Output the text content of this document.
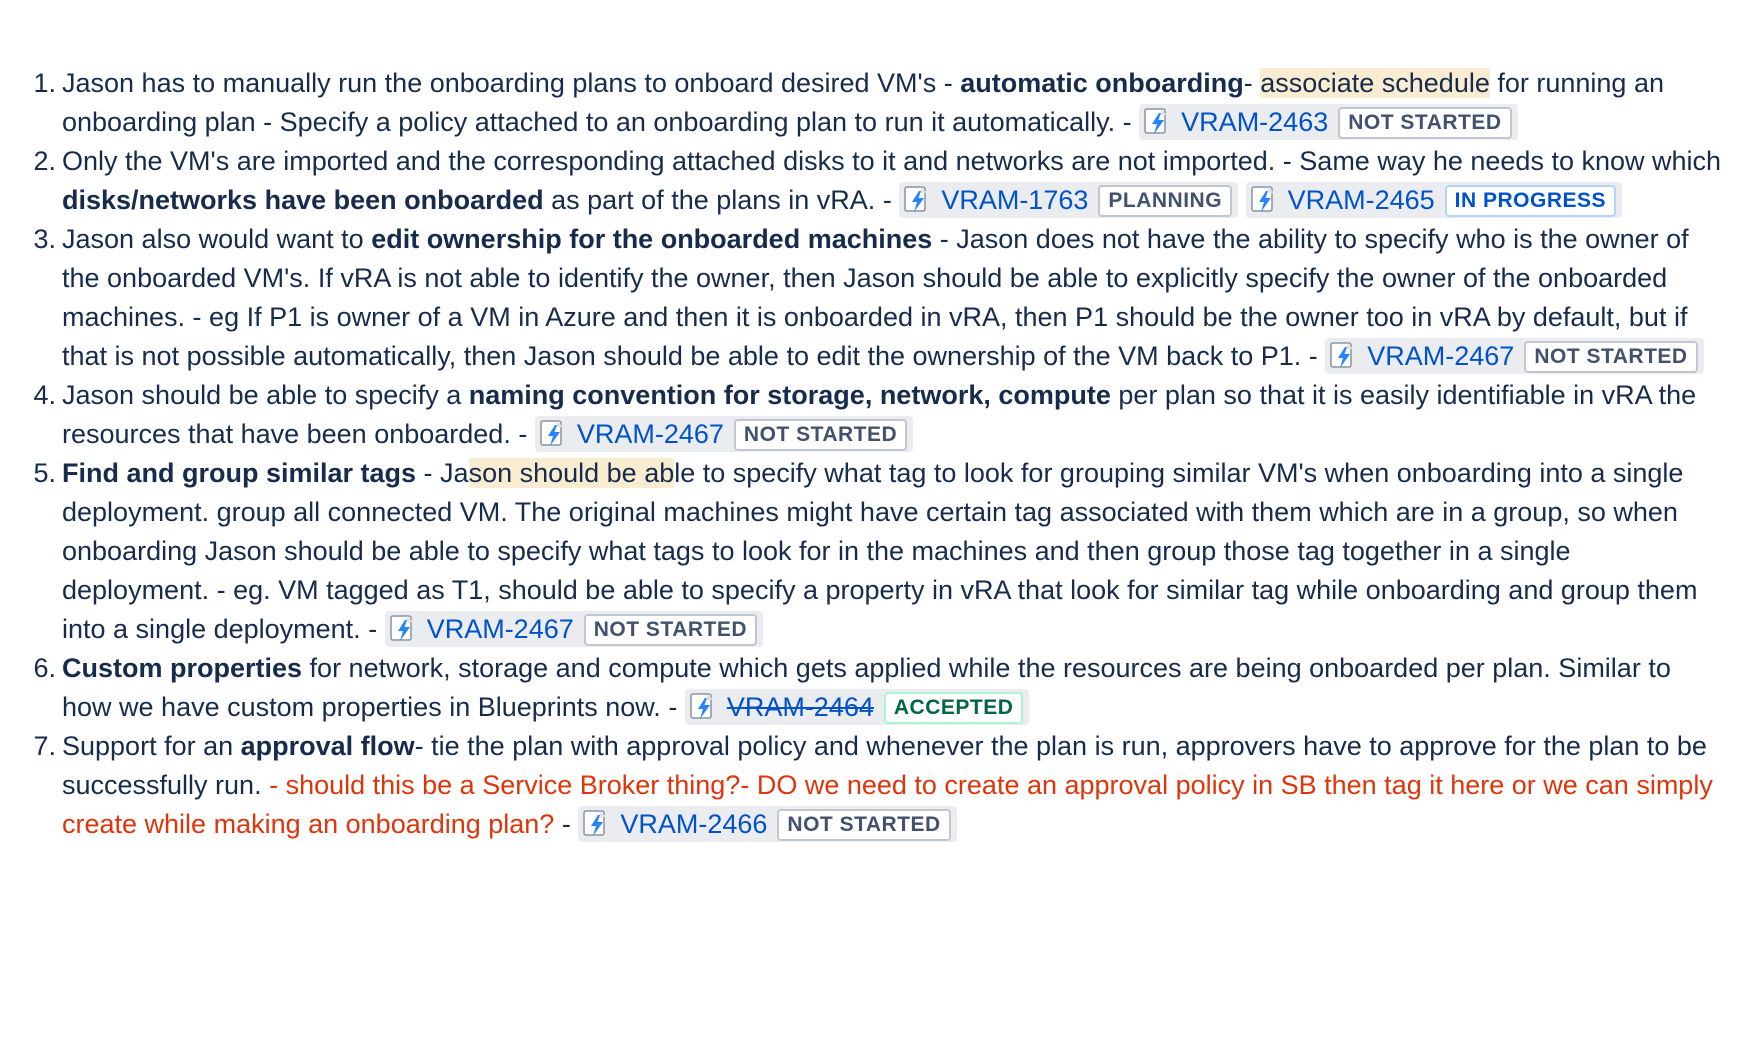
1. Jason has to manually run the onboarding plans to onboard desired VM's - automatic onboarding- associate schedule for running an onboarding plan - Specify a policy attached to an onboarding plan to run it automatically. - VRAM-2463 NOT STARTED
2. Only the VM's are imported and the corresponding attached disks to it and networks are not imported. - Same way he needs to know which disks/networks have been onboarded as part of the plans in vRA. - VRAM-1763 PLANNING VRAM-2465 IN PROGRESS
3. Jason also would want to edit ownership for the onboarded machines - Jason does not have the ability to specify who is the owner of the onboarded VM's. If vRA is not able to identify the owner, then Jason should be able to explicitly specify the owner of the onboarded machines. - eg If P1 is owner of a VM in Azure and then it is onboarded in vRA, then P1 should be the owner too in vRA by default, but if that is not possible automatically, then Jason should be able to edit the ownership of the VM back to P1. - VRAM-2467 NOT STARTED
4. Jason should be able to specify a naming convention for storage, network, compute per plan so that it is easily identifiable in vRA the resources that have been onboarded. - VRAM-2467 NOT STARTED
5. Find and group similar tags - Jason should be able to specify what tag to look for grouping similar VM's when onboarding into a single deployment. group all connected VM. The original machines might have certain tag associated with them which are in a group, so when onboarding Jason should be able to specify what tags to look for in the machines and then group those tag together in a single deployment. - eg. VM tagged as T1, should be able to specify a property in vRA that look for similar tag while onboarding and group them into a single deployment. - VRAM-2467 NOT STARTED
6. Custom properties for network, storage and compute which gets applied while the resources are being onboarded per plan. Similar to how we have custom properties in Blueprints now. - VRAM-2464 ACCEPTED
7. Support for an approval flow- tie the plan with approval policy and whenever the plan is run, approvers have to approve for the plan to be successfully run. - should this be a Service Broker thing?- DO we need to create an approval policy in SB then tag it here or we can simply create while making an onboarding plan? - VRAM-2466 NOT STARTED
